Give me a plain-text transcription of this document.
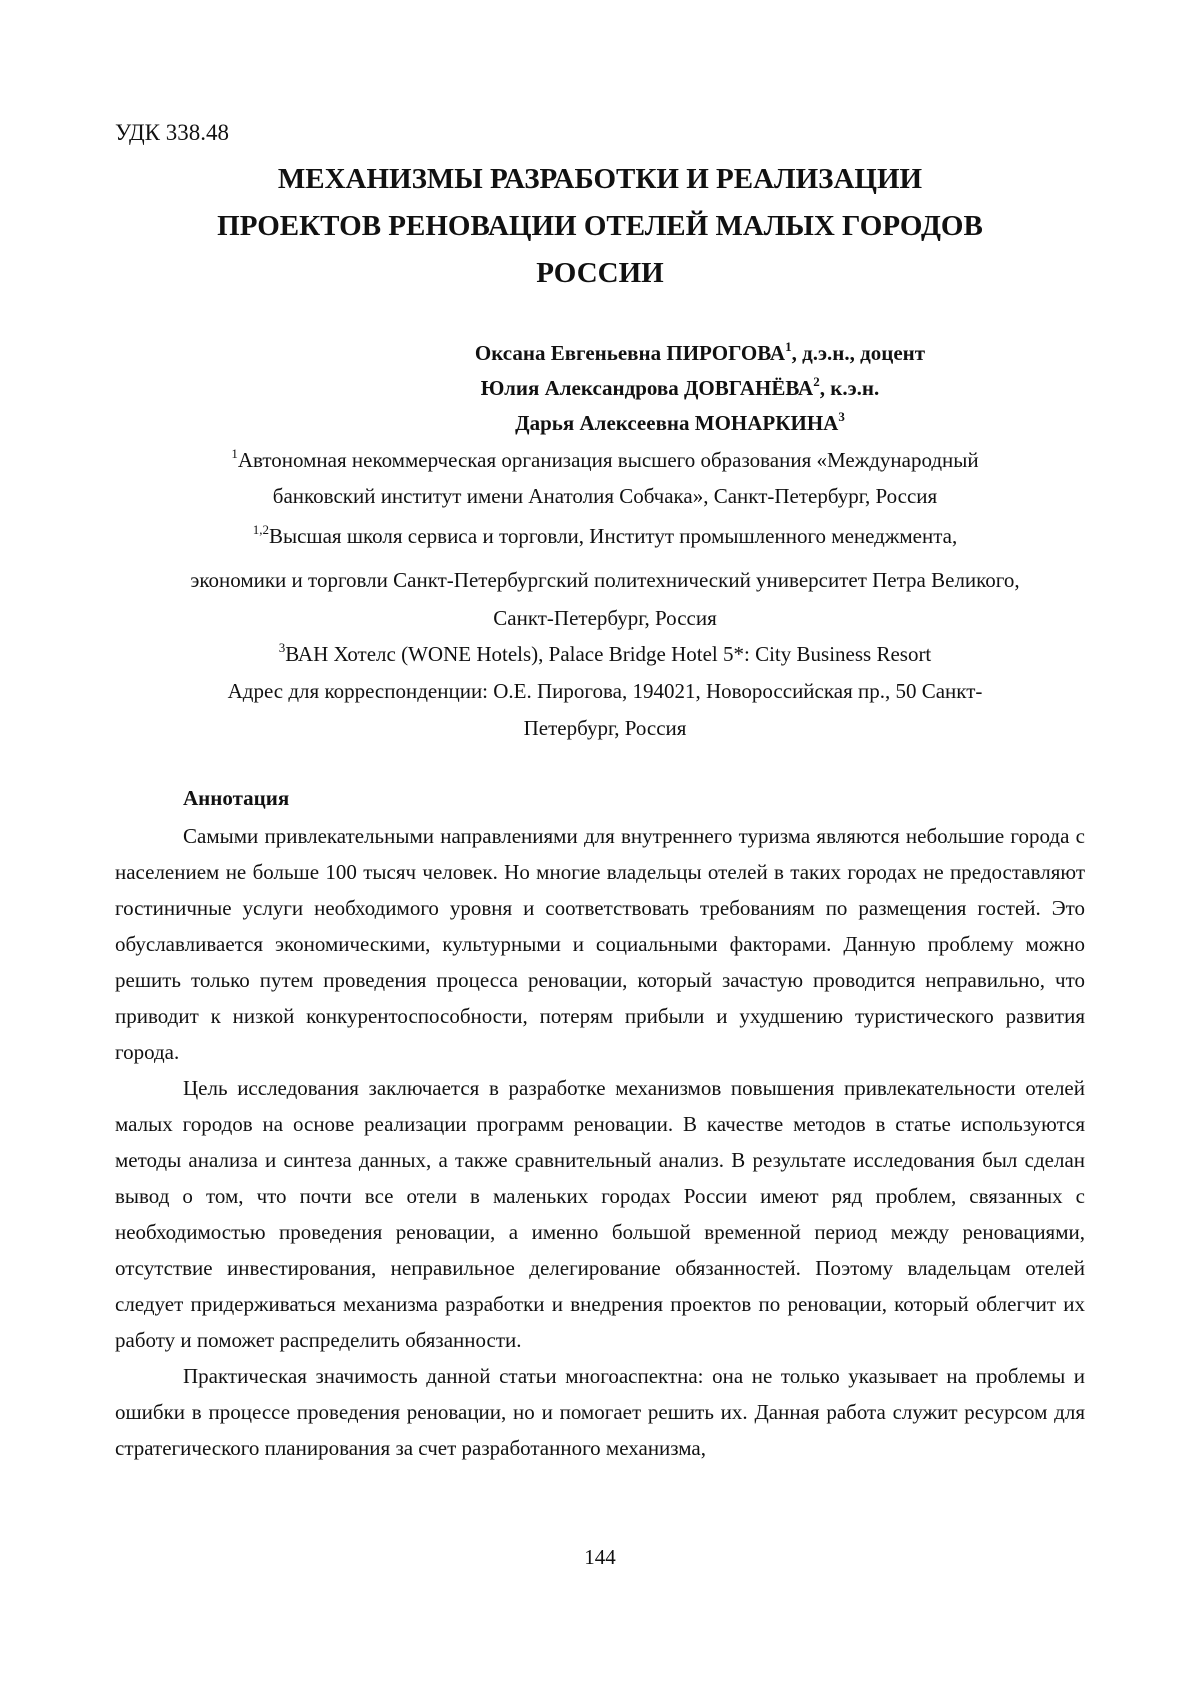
УДК 338.48
МЕХАНИЗМЫ РАЗРАБОТКИ И РЕАЛИЗАЦИИ
ПРОЕКТОВ РЕНОВАЦИИ ОТЕЛЕЙ МАЛЫХ ГОРОДОВ
РОССИИ
Оксана Евгеньевна ПИРОГОВА$^1$, д.э.н., доцент
Юлия Александрова ДОВГАНЁВА$^2$, к.э.н.
Дарья Алексеевна МОНАРКИНА$^3$
$^1$Автономная некоммерческая организация высшего образования «Международный
банковский институт имени Анатолия Собчака», Санкт-Петербург, Россия
$^{1,2}$Высшая школя сервиса и торговли, Институт промышленного менеджмента,
экономики и торговли Санкт-Петербургский политехнический университет Петра Великого,
Санкт-Петербург, Россия
$^3$ВАН Хотелс (WONE Hotels), Palace Bridge Hotel 5*: City Business Resort
Адрес для корреспонденции: О.Е. Пирогова, 194021, Новороссийская пр., 50 Санкт-
Петербург, Россия
Аннотация

Самыми привлекательными направлениями для внутреннего туризма являются небольшие города с населением не больше 100 тысяч человек. Но многие владельцы отелей в таких городах не предоставляют гостиничные услуги необходимого уровня и соответствовать требованиям по размещения гостей. Это обуславливается экономическими, культурными и социальными факторами. Данную проблему можно решить только путем проведения процесса реновации, который зачастую проводится неправильно, что приводит к низкой конкурентоспособности, потерям прибыли и ухудшению туристического развития города.

Цель исследования заключается в разработке механизмов повышения привлекательности отелей малых городов на основе реализации программ реновации. В качестве методов в статье используются методы анализа и синтеза данных, а также сравнительный анализ. В результате исследования был сделан вывод о том, что почти все отели в маленьких городах России имеют ряд проблем, связанных с необходимостью проведения реновации, а именно большой временной период между реновациями, отсутствие инвестирования, неправильное делегирование обязанностей. Поэтому владельцам отелей следует придерживаться механизма разработки и внедрения проектов по реновации, который облегчит их работу и поможет распределить обязанности.

Практическая значимость данной статьи многоаспектна: она не только указывает на проблемы и ошибки в процессе проведения реновации, но и помогает решить их. Данная работа служит ресурсом для стратегического планирования за счет разработанного механизма,

144
